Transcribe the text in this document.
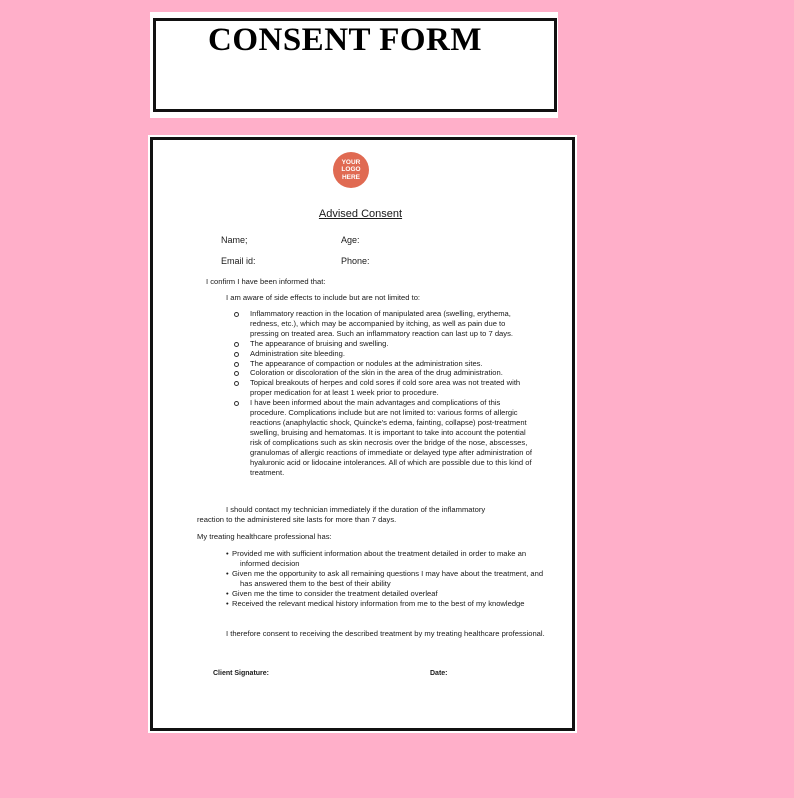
CONSENT FORM
YOUR
LOGO
HERE
Advised Consent
Name;	Age:
Email id:	Phone:
I confirm I have been informed that:
I am aware of side effects to include but are not limited to:
Inflammatory reaction in the location of manipulated area (swelling, erythema, redness, etc.), which may be accompanied by itching, as well as pain due to pressing on treated area. Such an inflammatory reaction can last up to 7 days.
The appearance of bruising and swelling.
Administration site bleeding.
The appearance of compaction or nodules at the administration sites.
Coloration or discoloration of the skin in the area of the drug administration.
Topical breakouts of herpes and cold sores if cold sore area was not treated with proper medication for at least 1 week prior to procedure.
I have been informed about the main advantages and complications of this procedure. Complications include but are not limited to: various forms of allergic reactions (anaphylactic shock, Quincke's edema, fainting, collapse) post-treatment swelling, bruising and hematomas. It is important to take into account the potential risk of complications such as skin necrosis over the bridge of the nose, abscesses, granulomas of allergic reactions of immediate or delayed type after administration of hyaluronic acid or lidocaine intolerances. All of which are possible due to this kind of treatment.
I should contact my technician immediately if the duration of the inflammatory
reaction to the administered site lasts for more than 7 days.
My treating healthcare professional has:
• Provided me with sufficient information about the treatment detailed in order to make an informed decision
• Given me the opportunity to ask all remaining questions I may have about the treatment, and has answered them to the best of their ability
• Given me the time to consider the treatment detailed overleaf
• Received the relevant medical history information from me to the best of my knowledge
I therefore consent to receiving the described treatment by my treating healthcare professional.
Client Signature:	Date:
